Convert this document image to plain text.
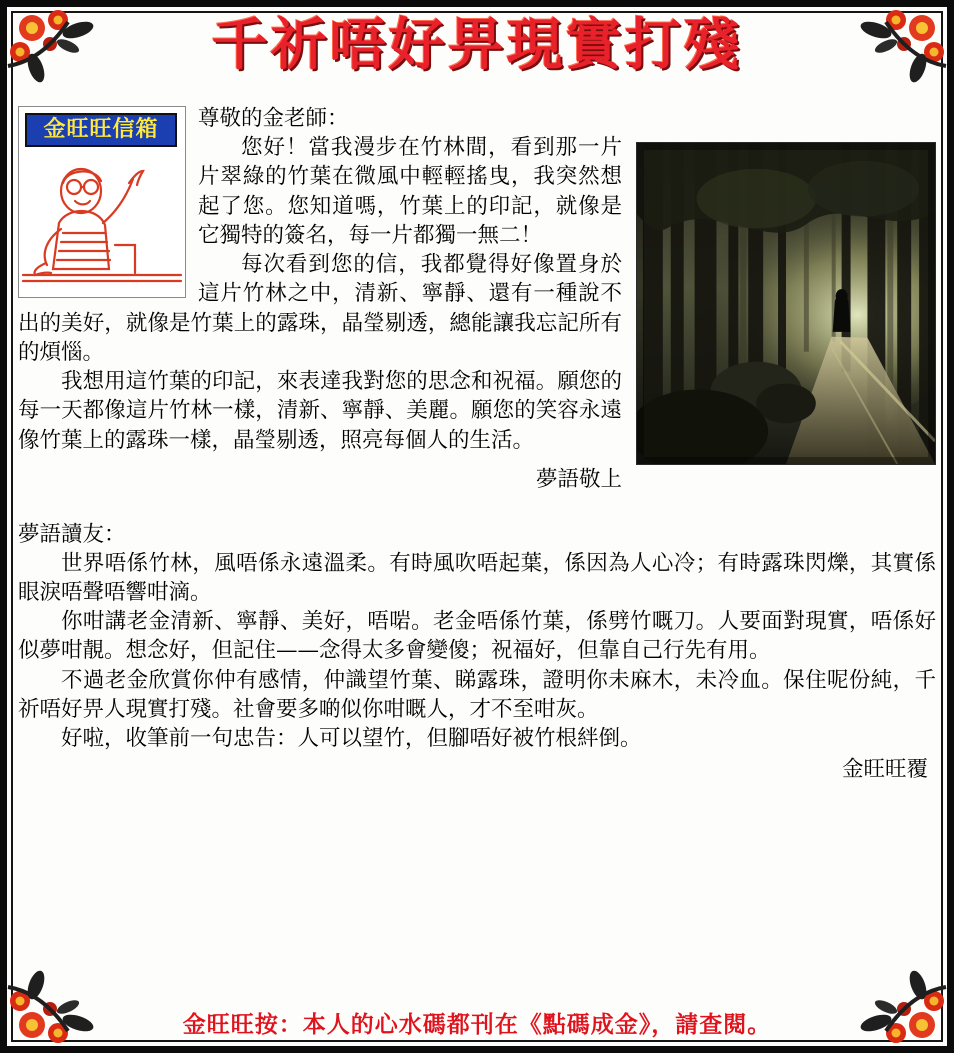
千祈唔好畀現實打殘
金旺旺信箱	尊敬的金老師：

您好！當我漫步在竹林間，看到那一片片翠綠的竹葉在微風中輕輕搖曳，我突然想起了您。您知道嗎，竹葉上的印記，就像是它獨特的簽名，每一片都獨一無二！

每次看到您的信，我都覺得好像置身於這片竹林之中，清新、寧靜、還有一種說不出的美好，就像是竹葉上的露珠，晶瑩剔透，總能讓我忘記所有的煩惱。

我想用這竹葉的印記，來表達我對您的思念和祝福。願您的每一天都像這片竹林一樣，清新、寧靜、美麗。願您的笑容永遠像竹葉上的露珠一樣，晶瑩剔透，照亮每個人的生活。

夢語敬上

夢語讀友：

世界唔係竹林，風唔係永遠溫柔。有時風吹唔起葉，係因為人心冷；有時露珠閃爍，其實係眼淚唔聲唔響咁滴。

你咁講老金清新、寧靜、美好，唔啱。老金唔係竹葉，係劈竹嘅刀。人要面對現實，唔係好似夢咁靚。想念好，但記住——念得太多會變傻；祝福好，但靠自己行先有用。

不過老金欣賞你仲有感情，仲識望竹葉、睇露珠，證明你未麻木，未冷血。保住呢份純，千祈唔好畀人現實打殘。社會要多啲似你咁嘅人，才不至咁灰。

好啦，收筆前一句忠告：人可以望竹，但腳唔好被竹根絆倒。

金旺旺覆

金旺旺按：本人的心水碼都刊在《點碼成金》，請查閱。
